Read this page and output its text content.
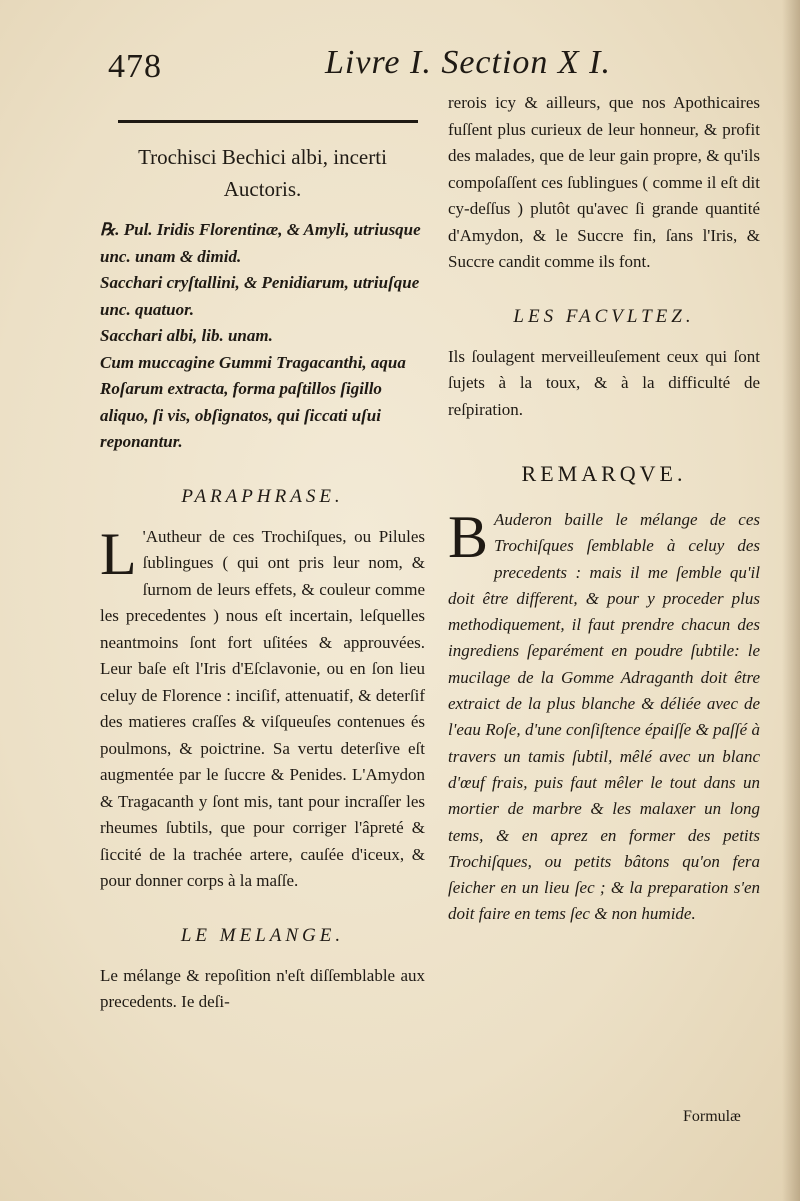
478	Livre I. Section X I.
Trochisci Bechici albi, incerti Auctoris.

℞. Pul. Iridis Florentinæ, & Amyli, utriusque unc. unam & dimid.

Sacchari cryſtallini, & Penidiarum, utriuſque unc. quatuor.

Sacchari albi, lib. unam.

Cum muccagine Gummi Tragacanthi, aqua Roſarum extracta, forma paſtillos ſigillo aliquo, ſi vis, obſignatos, qui ſiccati uſui reponantur.

PARAPHRASE.
L 'Autheur de ces Trochiſques, ou Pilules ſublingues ( qui ont pris leur nom, & ſurnom de leurs effets, & couleur comme les precedentes ) nous eſt incertain, leſquelles neantmoins ſont fort uſitées & approuvées. Leur baſe eſt l'Iris d'Eſclavonie, ou en ſon lieu celuy de Florence : inciſif, attenuatif, & deterſif des matieres craſſes & viſqueuſes contenues és poulmons, & poictrine. Sa vertu deterſive eſt augmentée par le ſuccre & Penides. L'Amydon & Tragacanth y ſont mis, tant pour incraſſer les rheumes ſubtils, que pour corriger l'âpreté & ſiccité de la trachée artere, cauſée d'iceux, & pour donner corps à la maſſe.

LE MELANGE.

Le mélange & repoſition n'eſt diſſemblable aux precedents. Ie deſi-

rerois icy & ailleurs, que nos Apothicaires fuſſent plus curieux de leur honneur, & profit des malades, que de leur gain propre, & qu'ils compoſaſſent ces ſublingues ( comme il eſt dit cy-deſſus ) plutôt qu'avec ſi grande quantité d'Amydon, & le Succre fin, ſans l'Iris, & Succre candit comme ils font.

LES FACVLTEZ.

Ils ſoulagent merveilleuſement ceux qui ſont ſujets à la toux, & à la difficulté de reſpiration.

REMARQVE.
B Auderon baille le mélange de ces Trochiſques ſemblable à celuy des precedents : mais il me ſemble qu'il doit être different, & pour y proceder plus methodiquement, il faut prendre chacun des ingrediens ſeparément en poudre ſubtile: le mucilage de la Gomme Adraganth doit être extraict de la plus blanche & déliée avec de l'eau Roſe, d'une conſiſtence épaiſſe & paſſé à travers un tamis ſubtil, mêlé avec un blanc d'œuf frais, puis faut mêler le tout dans un mortier de marbre & les malaxer un long tems, & en aprez en former des petits Trochiſques, ou petits bâtons qu'on fera ſeicher en un lieu ſec ; & la preparation s'en doit faire en tems ſec & non humide.

Formulæ
